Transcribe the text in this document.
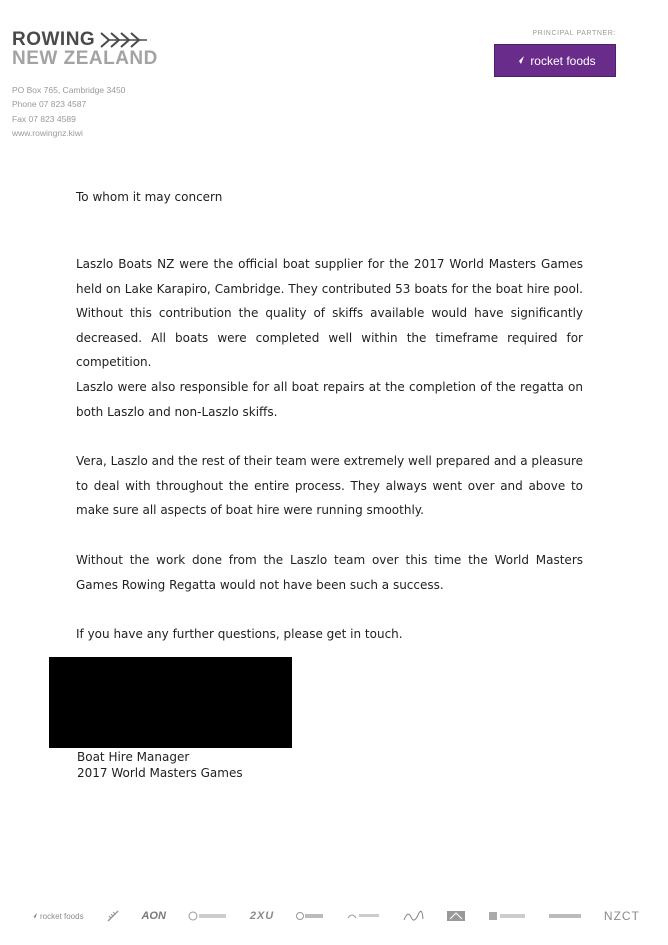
ROWING
NEW ZEALAND
PO Box 765, Cambridge 3450
Phone 07 823 4587
Fax 07 823 4589
www.rowingnz.kiwi
PRINCIPAL PARTNER:
rocket foods
To whom it may concern
Laszlo Boats NZ were the official boat supplier for the 2017 World Masters Games held on Lake Karapiro, Cambridge. They contributed 53 boats for the boat hire pool. Without this contribution the quality of skiffs available would have significantly decreased. All boats were completed well within the timeframe required for competition.
Laszlo were also responsible for all boat repairs at the completion of the regatta on both Laszlo and non-Laszlo skiffs.
Vera, Laszlo and the rest of their team were extremely well prepared and a pleasure to deal with throughout the entire process. They always went over and above to make sure all aspects of boat hire were running smoothly.
Without the work done from the Laszlo team over this time the World Masters Games Rowing Regatta would not have been such a success.
If you have any further questions, please get in touch.
Boat Hire Manager
2017 World Masters Games
rocket foods	AON	2XU	NZCT
